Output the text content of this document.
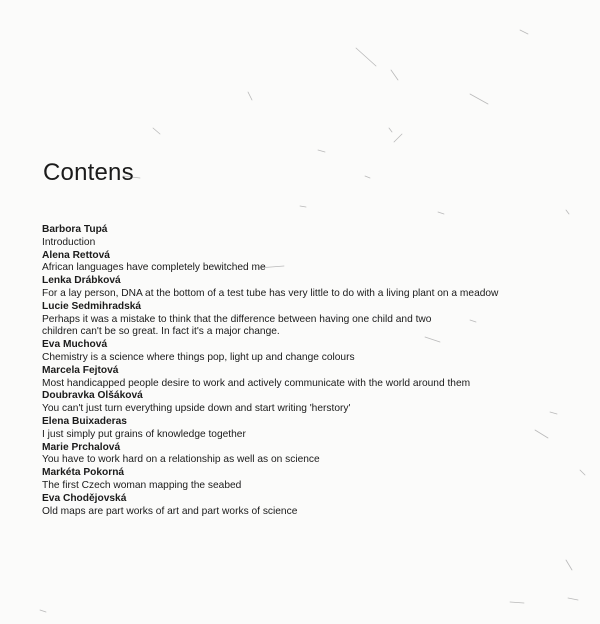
Contens
Barbora Tupá
Introduction
Alena Rettová
African languages have completely bewitched me
Lenka Drábková
For a lay person, DNA at the bottom of a test tube has very little to do with a living plant on a meadow
Lucie Sedmihradská
Perhaps it was a mistake to think that the difference between having one child and two children can't be so great. In fact it's a major change.
Eva Muchová
Chemistry is a science where things pop, light up and change colours
Marcela Fejtová
Most handicapped people desire to work and actively communicate with the world around them
Doubravka Olšáková
You can't just turn everything upside down and start writing 'herstory'
Elena Buixaderas
I just simply put grains of knowledge together
Marie Prchalová
You have to work hard on a relationship as well as on science
Markéta Pokorná
The first Czech woman mapping the seabed
Eva Chodějovská
Old maps are part works of art and part works of science
